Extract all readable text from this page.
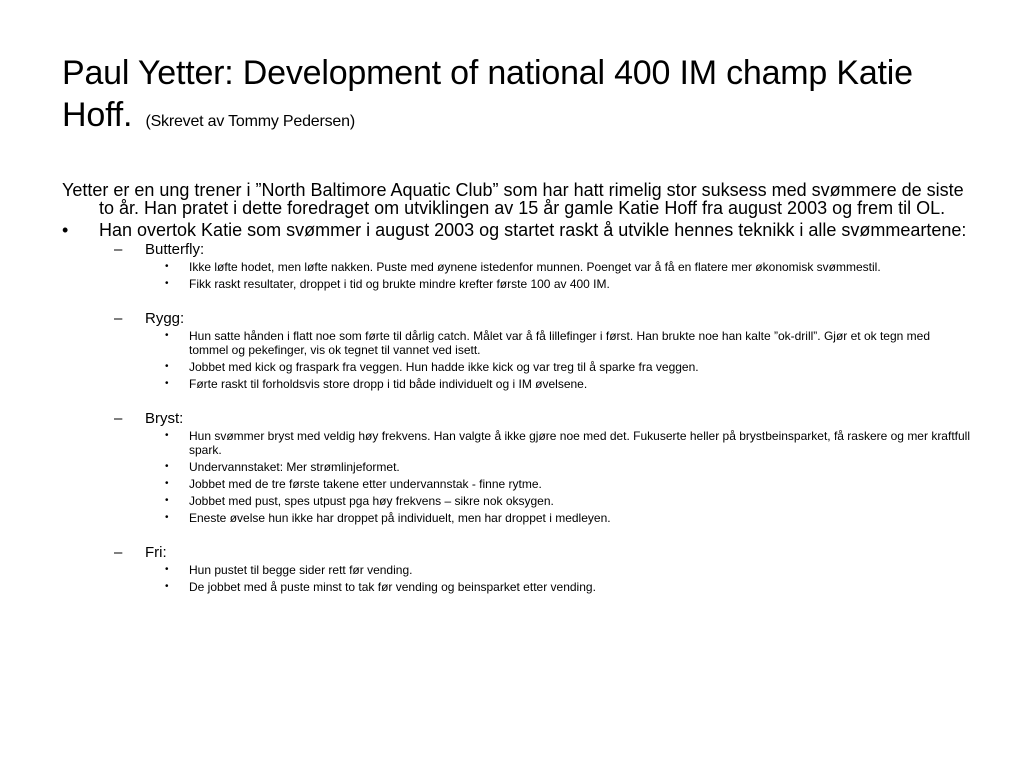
Paul Yetter: Development of national 400 IM champ Katie Hoff. (Skrevet av Tommy Pedersen)
Yetter er en ung trener i ”North Baltimore Aquatic Club” som har hatt rimelig stor suksess med svømmere de siste to år. Han pratet i dette foredraget om utviklingen av 15 år gamle Katie Hoff fra august 2003 og frem til OL.
•	Han overtok Katie som svømmer i august 2003 og startet raskt å utvikle hennes teknikk i alle svømmeartene:
– Butterfly:
• Ikke løfte hodet, men løfte nakken. Puste med øynene istedenfor munnen. Poenget var å få en flatere mer økonomisk svømmestil.
• Fikk raskt resultater, droppet i tid og brukte mindre krefter første 100 av 400 IM.
– Rygg:
• Hun satte hånden i flatt noe som førte til dårlig catch. Målet var å få lillefinger i først. Han brukte noe han kalte ”ok-drill”. Gjør et ok tegn med tommel og pekefinger, vis ok tegnet til vannet ved isett.
• Jobbet med kick og fraspark fra veggen. Hun hadde ikke kick og var treg til å sparke fra veggen.
• Førte raskt til forholdsvis store dropp i tid både individuelt og i IM øvelsene.
– Bryst:
• Hun svømmer bryst med veldig høy frekvens. Han valgte å ikke gjøre noe med det. Fukuserte heller på brystbeinsparket, få raskere og mer kraftfull spark.
• Undervannstaket: Mer strømlinjeformet.
• Jobbet med de tre første takene etter undervannstak - finne rytme.
• Jobbet med pust, spes utpust pga høy frekvens – sikre nok oksygen.
• Eneste øvelse hun ikke har droppet på individuelt, men har droppet i medleyen.
– Fri:
• Hun pustet til begge sider rett før vending.
• De jobbet med å puste minst to tak før vending og beinsparket etter vending.
